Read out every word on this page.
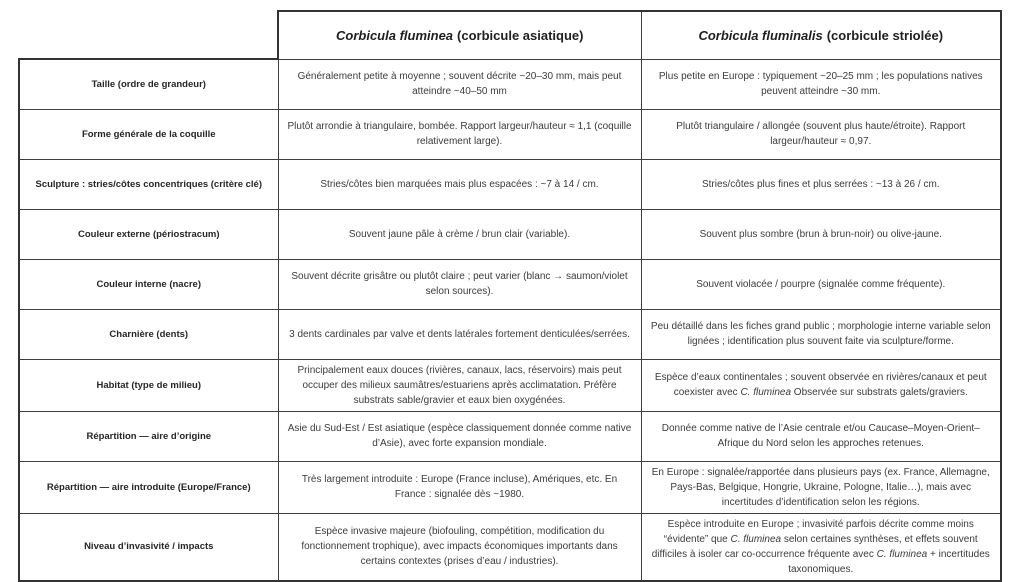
	Corbicula fluminea (corbicule asiatique)	Corbicula fluminalis (corbicule striolée)
Taille (ordre de grandeur)	Généralement petite à moyenne ; souvent décrite ~20–30 mm, mais peut atteindre ~40–50 mm	Plus petite en Europe : typiquement ~20–25 mm ; les populations natives peuvent atteindre ~30 mm.
Forme générale de la coquille	Plutôt arrondie à triangulaire, bombée. Rapport largeur/hauteur ≈ 1,1 (coquille relativement large).	Plutôt triangulaire / allongée (souvent plus haute/étroite). Rapport largeur/hauteur ≈ 0,97.
Sculpture : stries/côtes concentriques (critère clé)	Stries/côtes bien marquées mais plus espacées : ~7 à 14 / cm.	Stries/côtes plus fines et plus serrées : ~13 à 26 / cm.
Couleur externe (périostracum)	Souvent jaune pâle à crème / brun clair (variable).	Souvent plus sombre (brun à brun-noir) ou olive-jaune.
Couleur interne (nacre)	Souvent décrite grisâtre ou plutôt claire ; peut varier (blanc → saumon/violet selon sources).	Souvent violacée / pourpre (signalée comme fréquente).
Charnière (dents)	3 dents cardinales par valve et dents latérales fortement denticulées/serrées.	Peu détaillé dans les fiches grand public ; morphologie interne variable selon lignées ; identification plus souvent faite via sculpture/forme.
Habitat (type de milieu)	Principalement eaux douces (rivières, canaux, lacs, réservoirs) mais peut occuper des milieux saumâtres/estuariens après acclimatation. Préfère substrats sable/gravier et eaux bien oxygénées.	Espèce d’eaux continentales ; souvent observée en rivières/canaux et peut coexister avec C. fluminea Observée sur substrats galets/graviers.
Répartition — aire d’origine	Asie du Sud-Est / Est asiatique (espèce classiquement donnée comme native d’Asie), avec forte expansion mondiale.	Donnée comme native de l’Asie centrale et/ou Caucase–Moyen-Orient–Afrique du Nord selon les approches retenues.
Répartition — aire introduite (Europe/France)	Très largement introduite : Europe (France incluse), Amériques, etc. En France : signalée dès ~1980.	En Europe : signalée/rapportée dans plusieurs pays (ex. France, Allemagne, Pays-Bas, Belgique, Hongrie, Ukraine, Pologne, Italie…), mais avec incertitudes d’identification selon les régions.
Niveau d’invasivité / impacts	Espèce invasive majeure (biofouling, compétition, modification du fonctionnement trophique), avec impacts économiques importants dans certains contextes (prises d’eau / industries).	Espèce introduite en Europe ; invasivité parfois décrite comme moins “évidente” que C. fluminea selon certaines synthèses, et effets souvent difficiles à isoler car co-occurrence fréquente avec C. fluminea + incertitudes taxonomiques.
